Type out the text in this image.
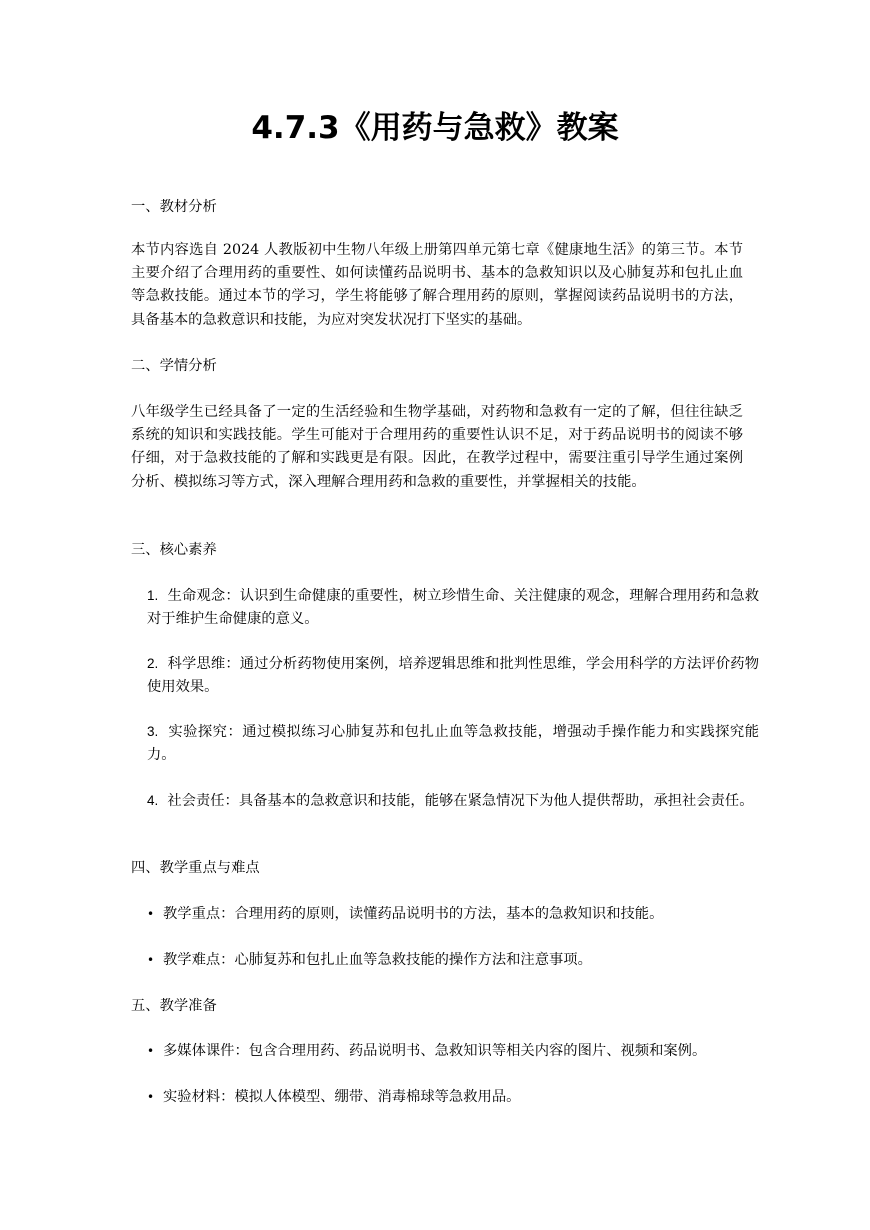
4.7.3《用药与急救》教案
一、教材分析
本节内容选自 2024 人教版初中生物八年级上册第四单元第七章《健康地生活》的第三节。本节主要介绍了合理用药的重要性、如何读懂药品说明书、基本的急救知识以及心肺复苏和包扎止血等急救技能。通过本节的学习，学生将能够了解合理用药的原则，掌握阅读药品说明书的方法，具备基本的急救意识和技能，为应对突发状况打下坚实的基础。
二、学情分析
八年级学生已经具备了一定的生活经验和生物学基础，对药物和急救有一定的了解，但往往缺乏系统的知识和实践技能。学生可能对于合理用药的重要性认识不足，对于药品说明书的阅读不够仔细，对于急救技能的了解和实践更是有限。因此，在教学过程中，需要注重引导学生通过案例分析、模拟练习等方式，深入理解合理用药和急救的重要性，并掌握相关的技能。
三、核心素养
1. 生命观念：认识到生命健康的重要性，树立珍惜生命、关注健康的观念，理解合理用药和急救对于维护生命健康的意义。
2. 科学思维：通过分析药物使用案例，培养逻辑思维和批判性思维，学会用科学的方法评价药物使用效果。
3. 实验探究：通过模拟练习心肺复苏和包扎止血等急救技能，增强动手操作能力和实践探究能力。
4. 社会责任：具备基本的急救意识和技能，能够在紧急情况下为他人提供帮助，承担社会责任。
四、教学重点与难点
• 教学重点：合理用药的原则，读懂药品说明书的方法，基本的急救知识和技能。
• 教学难点：心肺复苏和包扎止血等急救技能的操作方法和注意事项。
五、教学准备
• 多媒体课件：包含合理用药、药品说明书、急救知识等相关内容的图片、视频和案例。
• 实验材料：模拟人体模型、绷带、消毒棉球等急救用品。
